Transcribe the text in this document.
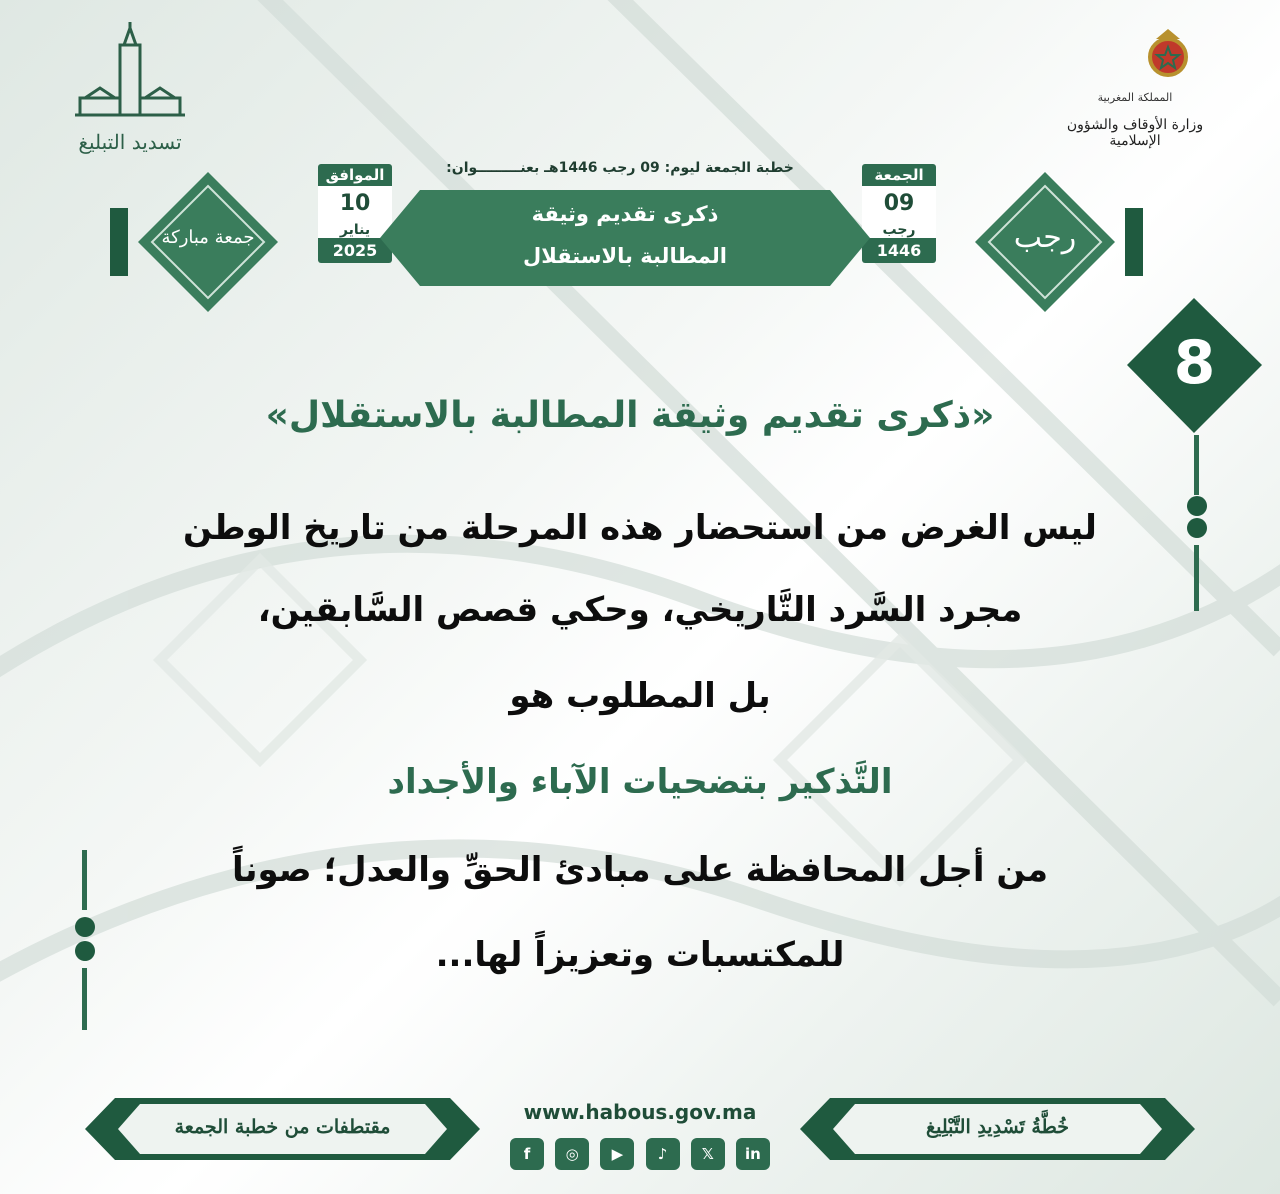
تسديد التبليغ
المملكة المغربية
وزارة الأوقاف والشؤون الإسلامية
خطبة الجمعة ليوم: 09 رجب 1446هـ بعنـــــــــوان:
جمعة مباركة	رجب
الموافق
10
يناير
2025
الجمعة
09
رجب
1446
ذكرى تقديم وثيقة
المطالبة بالاستقلال
8
«ذكرى تقديم وثيقة المطالبة بالاستقلال»
ليس الغرض من استحضار هذه المرحلة من تاريخ الوطن
مجرد السَّرد التَّاريخي، وحكي قصص السَّابقين،
بل المطلوب هو
التَّذكير بتضحيات الآباء والأجداد
من أجل المحافظة على مبادئ الحقِّ والعدل؛ صوناً
للمكتسبات وتعزيزاً لها...
مقتطفات من خطبة الجمعة	خُطَّةُ تَسْدِيدِ التَّبْلِيغ
www.habous.gov.ma
f	◎	▶	♪	𝕏	in
